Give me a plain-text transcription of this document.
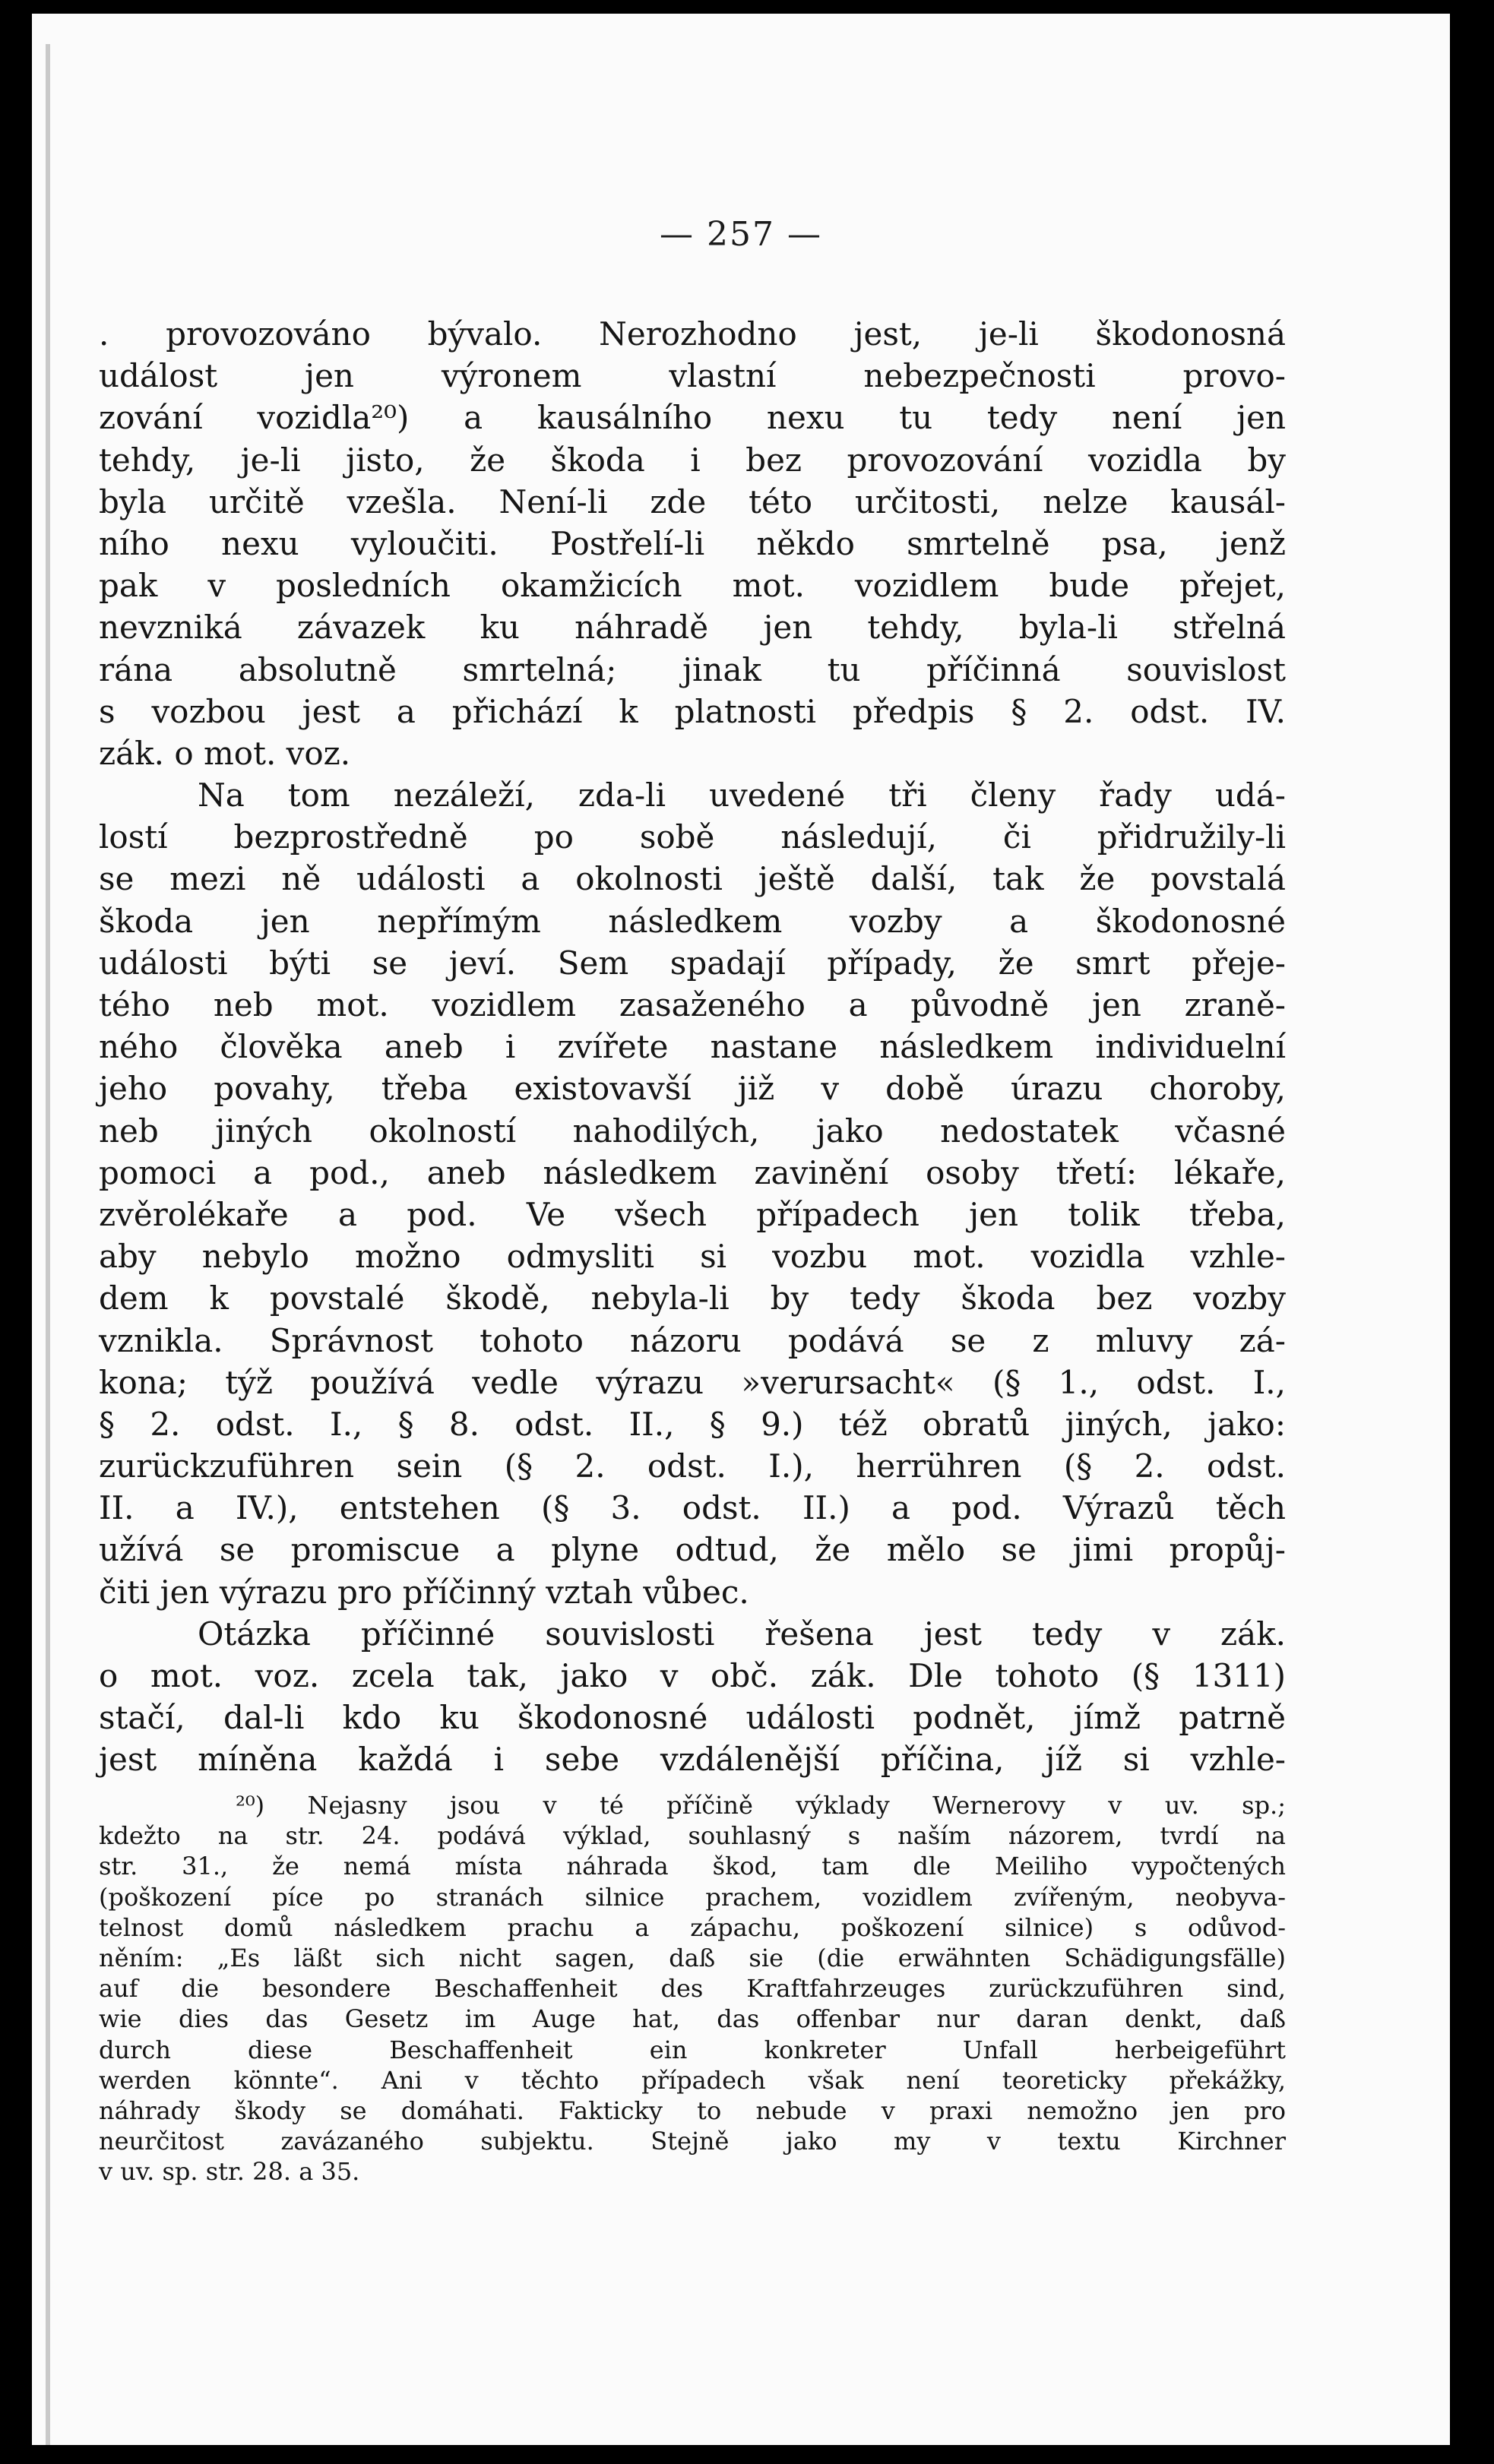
— 257 —
. provozováno bývalo. Nerozhodno jest, je-li škodonosná
událost jen výronem vlastní nebezpečnosti provo-
zování vozidla²⁰) a kausálního nexu tu tedy není jen
tehdy, je-li jisto, že škoda i bez provozování vozidla by
byla určitě vzešla. Není-li zde této určitosti, nelze kausál-
ního nexu vyloučiti. Postřelí-li někdo smrtelně psa, jenž
pak v posledních okamžicích mot. vozidlem bude přejet,
nevzniká závazek ku náhradě jen tehdy, byla-li střelná
rána absolutně smrtelná; jinak tu příčinná souvislost
s vozbou jest a přichází k platnosti předpis § 2. odst. IV.
zák. o mot. voz.
Na tom nezáleží, zda-li uvedené tři členy řady udá-
lostí bezprostředně po sobě následují, či přidružily-li
se mezi ně události a okolnosti ještě další, tak že povstalá
škoda jen nepřímým následkem vozby a škodonosné
události býti se jeví. Sem spadají případy, že smrt přeje-
tého neb mot. vozidlem zasaženého a původně jen zraně-
ného člověka aneb i zvířete nastane následkem individuelní
jeho povahy, třeba existovavší již v době úrazu choroby,
neb jiných okolností nahodilých, jako nedostatek včasné
pomoci a pod., aneb následkem zavinění osoby třetí: lékaře,
zvěrolékaře a pod. Ve všech případech jen tolik třeba,
aby nebylo možno odmysliti si vozbu mot. vozidla vzhle-
dem k povstalé škodě, nebyla-li by tedy škoda bez vozby
vznikla. Správnost tohoto názoru podává se z mluvy zá-
kona; týž používá vedle výrazu »verursacht« (§ 1., odst. I.,
§ 2. odst. I., § 8. odst. II., § 9.) též obratů jiných, jako:
zurückzuführen sein (§ 2. odst. I.), herrühren (§ 2. odst.
II. a IV.), entstehen (§ 3. odst. II.) a pod. Výrazů těch
užívá se promiscue a plyne odtud, že mělo se jimi propůj-
čiti jen výrazu pro příčinný vztah vůbec.
Otázka příčinné souvislosti řešena jest tedy v zák.
o mot. voz. zcela tak, jako v obč. zák. Dle tohoto (§ 1311)
stačí, dal-li kdo ku škodonosné události podnět, jímž patrně
jest míněna každá i sebe vzdálenější příčina, jíž si vzhle-
²⁰) Nejasny jsou v té příčině výklady Wernerovy v uv. sp.;
kdežto na str. 24. podává výklad, souhlasný s naším názorem, tvrdí na
str. 31., že nemá místa náhrada škod, tam dle Meiliho vypočtených
(poškození píce po stranách silnice prachem, vozidlem zvířeným, neobyva-
telnost domů následkem prachu a zápachu, poškození silnice) s odůvod-
něním: „Es läßt sich nicht sagen, daß sie (die erwähnten Schädigungsfälle)
auf die besondere Beschaffenheit des Kraftfahrzeuges zurückzuführen sind,
wie dies das Gesetz im Auge hat, das offenbar nur daran denkt, daß
durch diese Beschaffenheit ein konkreter Unfall herbeigeführt
werden könnte“. Ani v těchto případech však není teoreticky překážky,
náhrady škody se domáhati. Fakticky to nebude v praxi nemožno jen pro
neurčitost zavázaného subjektu. Stejně jako my v textu Kirchner
v uv. sp. str. 28. a 35.
